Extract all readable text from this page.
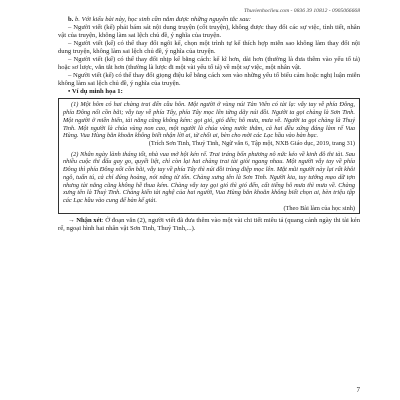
Thuvienhoclieu.com - 0836 39 10812 - 0905066668

b. b. Với kiểu bài này, học sinh cần nắm được những nguyên tắc sau:

– Người viết (kể) phải bám sát nội dung truyện (cốt truyện), không được thay đổi các sự việc, tình tiết, nhân vật của truyện, không làm sai lệch chủ đề, ý nghĩa của truyện.

– Người viết (kể) có thể thay đổi ngôi kể, chọn một trình tự kể thích hợp miễn sao không làm thay đổi nội dung truyện, không làm sai lệch chủ đề, ý nghĩa của truyện.

– Người viết (kể) có thể thay đổi nhịp kể bằng cách: kể kĩ hơn, dài hơn (thường là đưa thêm vào yếu tố tả) hoặc sơ lược, vắn tắt hơn (thường là lược đi một vài yếu tố tả) về một sự việc, một nhân vật.

– Người viết (kể) có thể thay đổi giọng điệu kể bằng cách xen vào những yếu tố biểu cảm hoặc nghị luận miễn không làm sai lệch chủ đề, ý nghĩa của truyện.

• Ví dụ minh họa 1:

(1) Một hôm có hai chàng trai đến cầu hôn. Một người ở vùng núi Tản Viên có tài lạ: vẫy tay về phía Đông, phía Đông nổi cồn bãi; vẫy tay về phía Tây, phía Tây mọc lên từng dãy núi đồi. Người ta gọi chàng là Sơn Tinh. Một người ở miền biển, tài năng cũng không kém: gọi gió, gió đến; hô mưa, mưa về. Người ta gọi chàng là Thuỷ Tinh. Một người là chúa vùng non cao, một người là chúa vùng nước thẳm, cả hai đều xứng đáng làm rể Vua Hùng. Vua Hùng băn khoăn không biết nhận lời ai, từ chối ai, bèn cho mời các Lạc hầu vào bàn bạc.

(Trích Sơn Tinh, Thuỷ Tinh, Ngữ văn 6, Tập một, NXB Giáo dục, 2019, trang 31)

(2) Nhân ngày lành tháng tốt, nhà vua mở hội kén rể. Trai tráng bốn phương nô nức kéo về kinh đô thi tài. Sau nhiều cuộc thi đấu gay go, quyết liệt, chỉ còn lại hai chàng trai tài giỏi ngang nhau. Một người vẫy tay về phía Đông thì phía Đông nổi cồn bãi, vẫy tay về phía Tây thì núi đồi trùng điệp mọc lên. Mặt mũi người này lại rất khôi ngô, tuấn tú, cả chỉ đúng hoàng, nói năng từ tốn. Chàng xưng tên là Sơn Tinh. Người kia, tuy tướng mạo dữ tợn nhưng tài năng cũng không hề thua kém. Chàng vẫy tay gọi gió thì gió đến, cất tiếng hô mưa thì mưa về. Chàng xưng tên là Thuỷ Tinh. Chàng kiến tài nghệ của hai người, Vua Hùng băn khoăn không biết chọn ai, bèn triệu tập các Lạc hầu vào cung để bàn kế giải.

(Theo Bài làm của học sinh)

→ Nhận xét: Ở đoạn văn (2), người viết đã đưa thêm vào một vài chi tiết miêu tả (quang cảnh ngày thi tài kén rể, ngoại hình hai nhân vật Sơn Tinh, Thuỷ Tinh,...).

7
